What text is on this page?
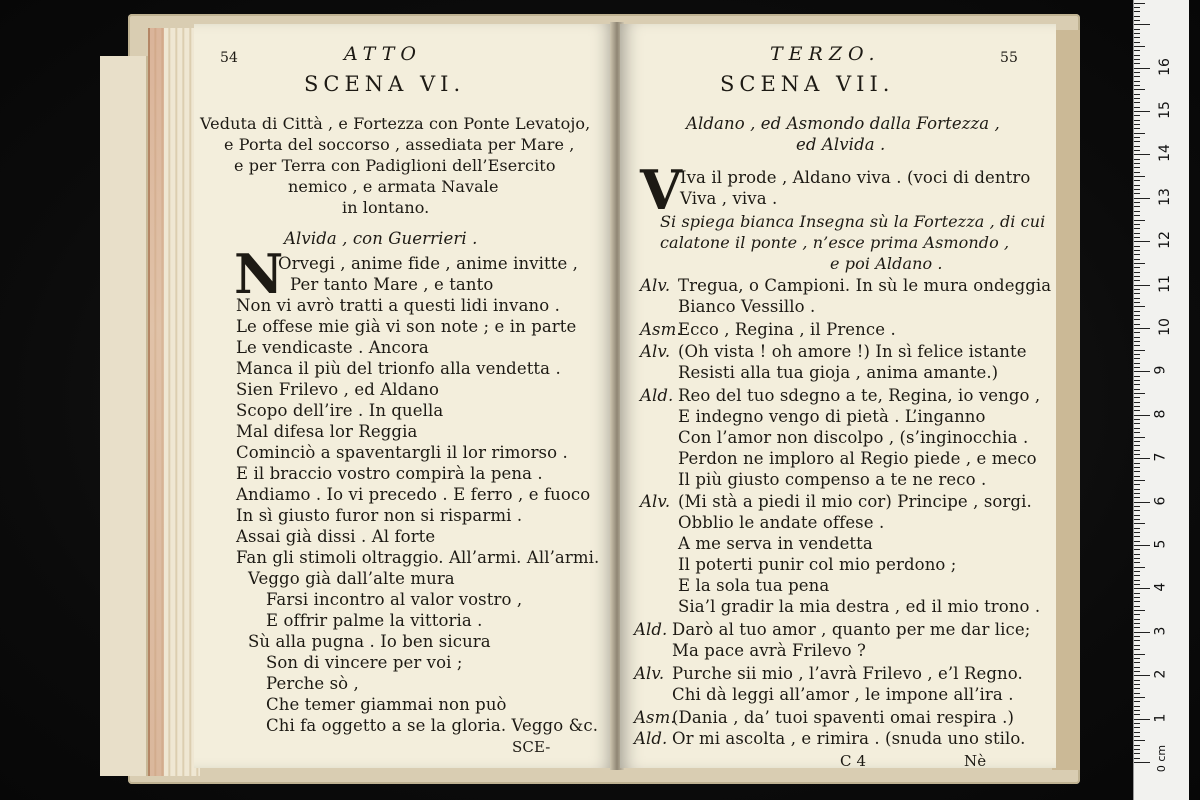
54	ATTO
SCENA VI.
Veduta di Città , e Fortezza con Ponte Levatojo,
e Porta del soccorso , assediata per Mare ,
e per Terra con Padiglioni dell’Esercito
nemico , e armata Navale
in lontano.
Alvida , con Guerrieri .
N
Orvegi , anime fide , anime invitte ,
Per tanto Mare , e tanto
Non vi avrò tratti a questi lidi invano .
Le offese mie già vi son note ; e in parte
Le vendicaste . Ancora
Manca il più del trionfo alla vendetta .
Sien Frilevo , ed Aldano
Scopo dell’ire . In quella
Mal difesa lor Reggia
Cominciò a spaventargli il lor rimorso .
E il braccio vostro compirà la pena .
Andiamo . Io vi precedo . E ferro , e fuoco
In sì giusto furor non si risparmi .
Assai già dissi . Al forte
Fan gli stimoli oltraggio. All’armi. All’armi.
Veggo già dall’alte mura
Farsi incontro al valor vostro ,
E offrir palme la vittoria .
Sù alla pugna . Io ben sicura
Son di vincere per voi ;
Perche sò ,
Che temer giammai non può
Chi fa oggetto a se la gloria. Veggo &c.
SCE-
TERZO.	55
SCENA VII.
Aldano , ed Asmondo dalla Fortezza ,
ed Alvida .
V
Iva il prode , Aldano viva . (voci di dentro
Viva , viva .
Si spiega bianca Insegna sù la Fortezza , di cui
calatone il ponte , n’esce prima Asmondo ,
e poi Aldano .
Alv. Tregua, o Campioni. In sù le mura ondeggia
Bianco Vessillo .
Asm.
Ecco , Regina , il Prence .
Alv. (Oh vista ! oh amore !) In sì felice istante
Resisti alla tua gioja , anima amante.)
Ald. Reo del tuo sdegno a te, Regina, io vengo ,
E indegno vengo di pietà . L’inganno
Con l’amor non discolpo , (s’inginocchia .
Perdon ne imploro al Regio piede , e meco
Il più giusto compenso a te ne reco .
Alv. (Mi stà a piedi il mio cor) Principe , sorgi.
Obblio le andate offese .
A me serva in vendetta
Il poterti punir col mio perdono ;
E la sola tua pena
Sia’l gradir la mia destra , ed il mio trono .
Ald. Darò al tuo amor , quanto per me dar lice;
Ma pace avrà Frilevo ?
Alv. Purche sii mio , l’avrà Frilevo , e’l Regno.
Chi dà leggi all’amor , le impone all’ira .
Asm.
(Dania , da’ tuoi spaventi omai respira .)
Ald. Or mi ascolta , e rimira . (snuda uno stilo.
C 4	Nè	0 cm
1
2
3
4
5
6
7
8
9
10
11
12
13
14
15
16
